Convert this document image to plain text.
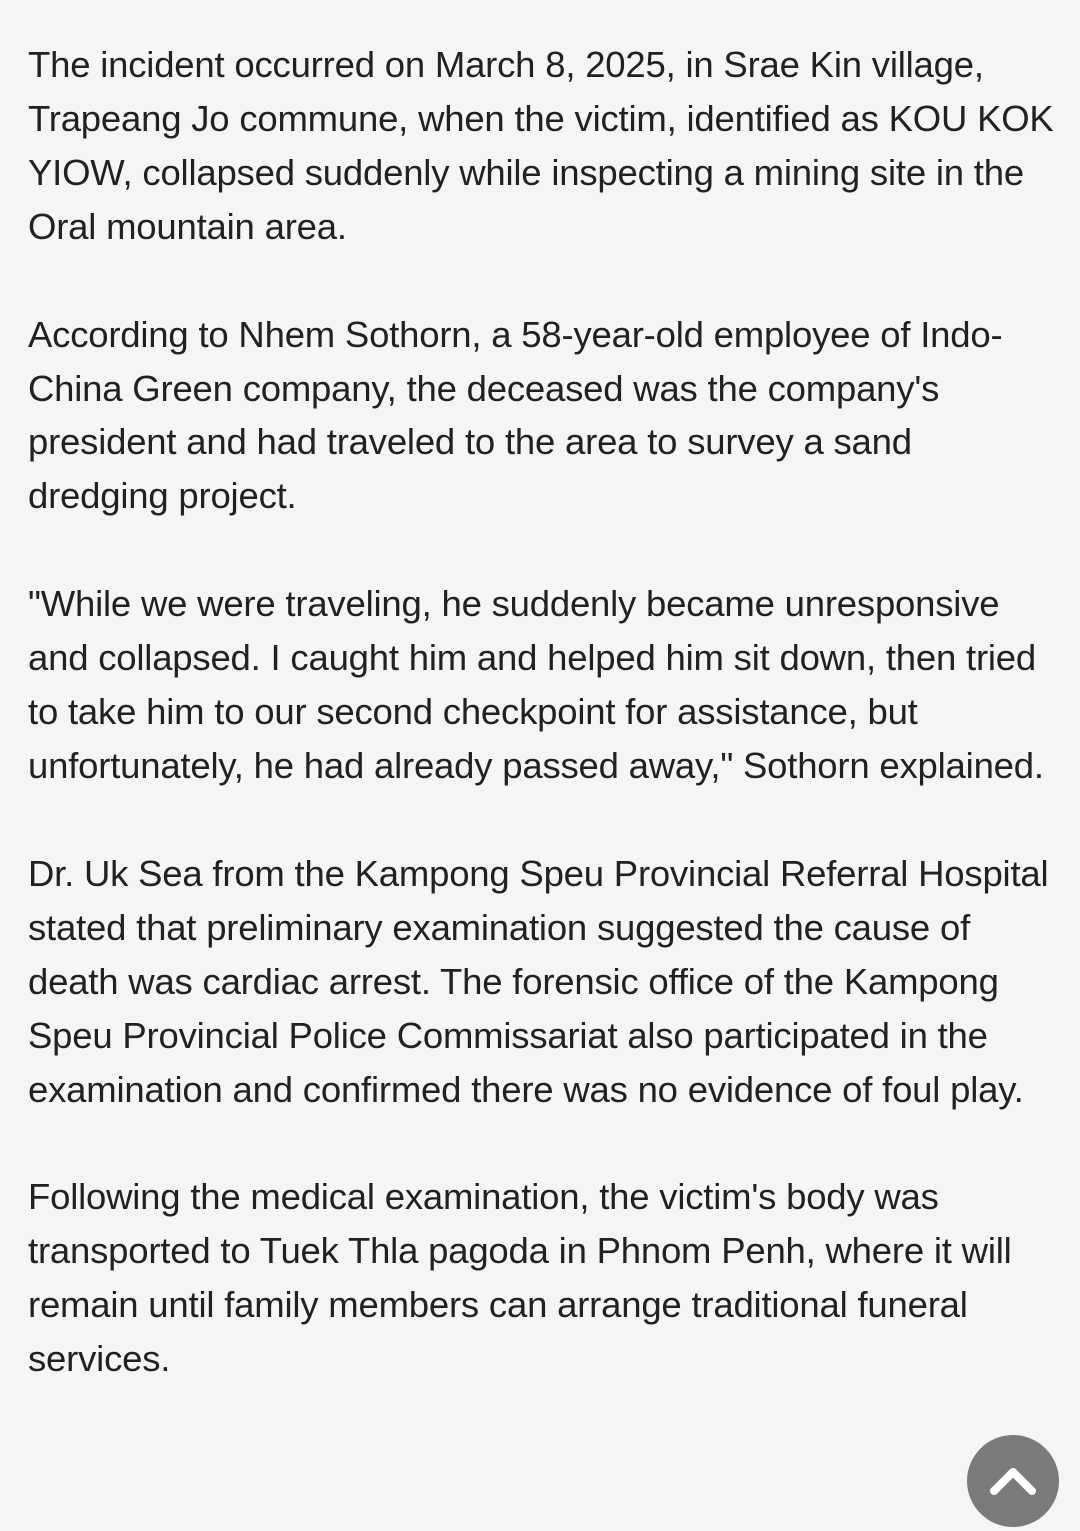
The incident occurred on March 8, 2025, in Srae Kin village, Trapeang Jo commune, when the victim, identified as KOU KOK YIOW, collapsed suddenly while inspecting a mining site in the Oral mountain area.

According to Nhem Sothorn, a 58-year-old employee of Indo-China Green company, the deceased was the company's president and had traveled to the area to survey a sand dredging project.

"While we were traveling, he suddenly became unresponsive and collapsed. I caught him and helped him sit down, then tried to take him to our second checkpoint for assistance, but unfortunately, he had already passed away," Sothorn explained.

Dr. Uk Sea from the Kampong Speu Provincial Referral Hospital stated that preliminary examination suggested the cause of death was cardiac arrest. The forensic office of the Kampong Speu Provincial Police Commissariat also participated in the examination and confirmed there was no evidence of foul play.

Following the medical examination, the victim's body was transported to Tuek Thla pagoda in Phnom Penh, where it will remain until family members can arrange traditional funeral services.
